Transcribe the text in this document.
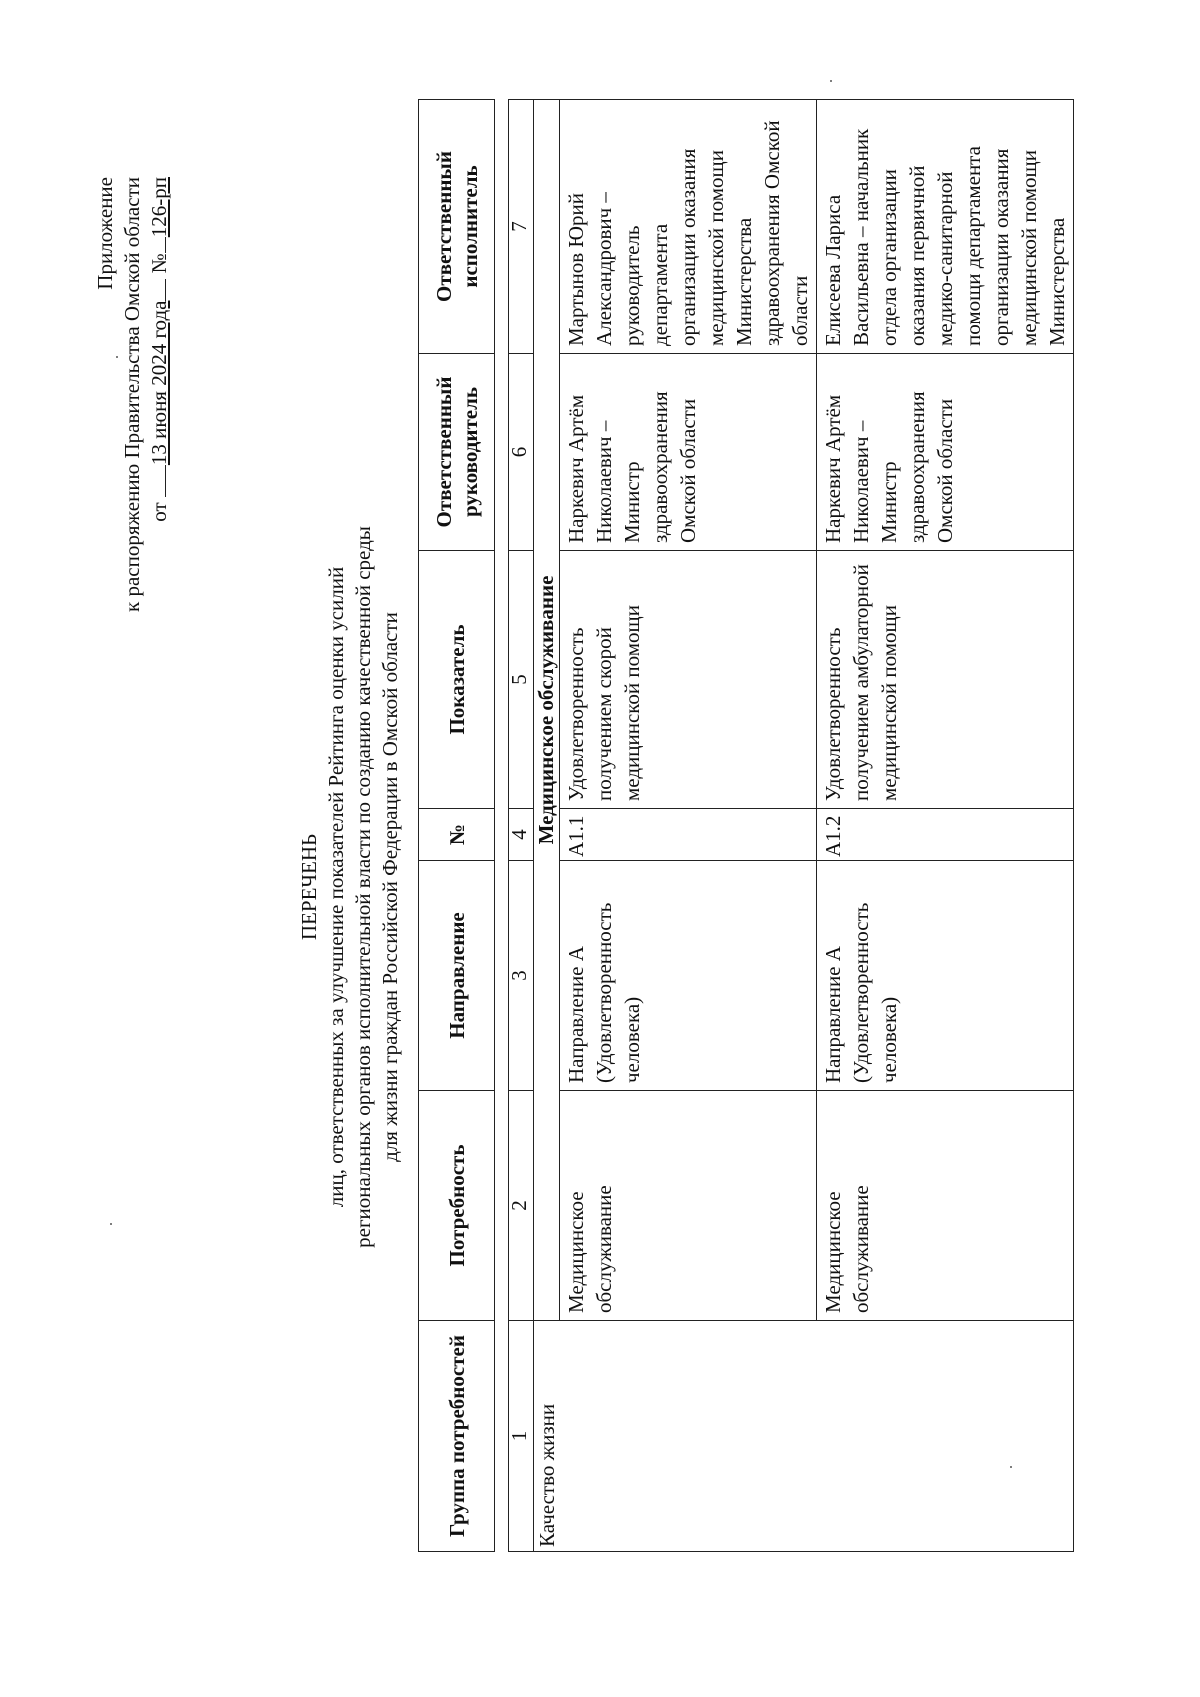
Приложение к распоряжению Правительства Омской области от 13 июня 2024 года №126-рп
ПЕРЕЧЕНЬ лиц, ответственных за улучшение показателей Рейтинга оценки усилий региональных органов исполнительной власти по созданию качественной среды для жизни граждан Российской Федерации в Омской области
Группа потребностей	Потребность	Направление	№	Показатель	Ответственный руководитель	Ответственный исполнитель
1	2	3	4	5	6	7
Качество жизни	Медицинское обслуживание					
	Медицинское обслуживание	Направление А (Удовлетворенность человека)	А1.1	Удовлетворенность получением скорой медицинской помощи	Наркевич Артём Николаевич – Министр здравоохранения Омской области	Мартынов Юрий Александрович – руководитель департамента организации оказания медицинской помощи Министерства здравоохранения Омской области
	Медицинское обслуживание	Направление А (Удовлетворенность человека)	А1.2	Удовлетворенность получением амбулаторной медицинской помощи	Наркевич Артём Николаевич – Министр здравоохранения Омской области	Елисеева Лариса Васильевна – начальник отдела организации оказания первичной медико-санитарной помощи департамента организации оказания медицинской помощи Министерства
